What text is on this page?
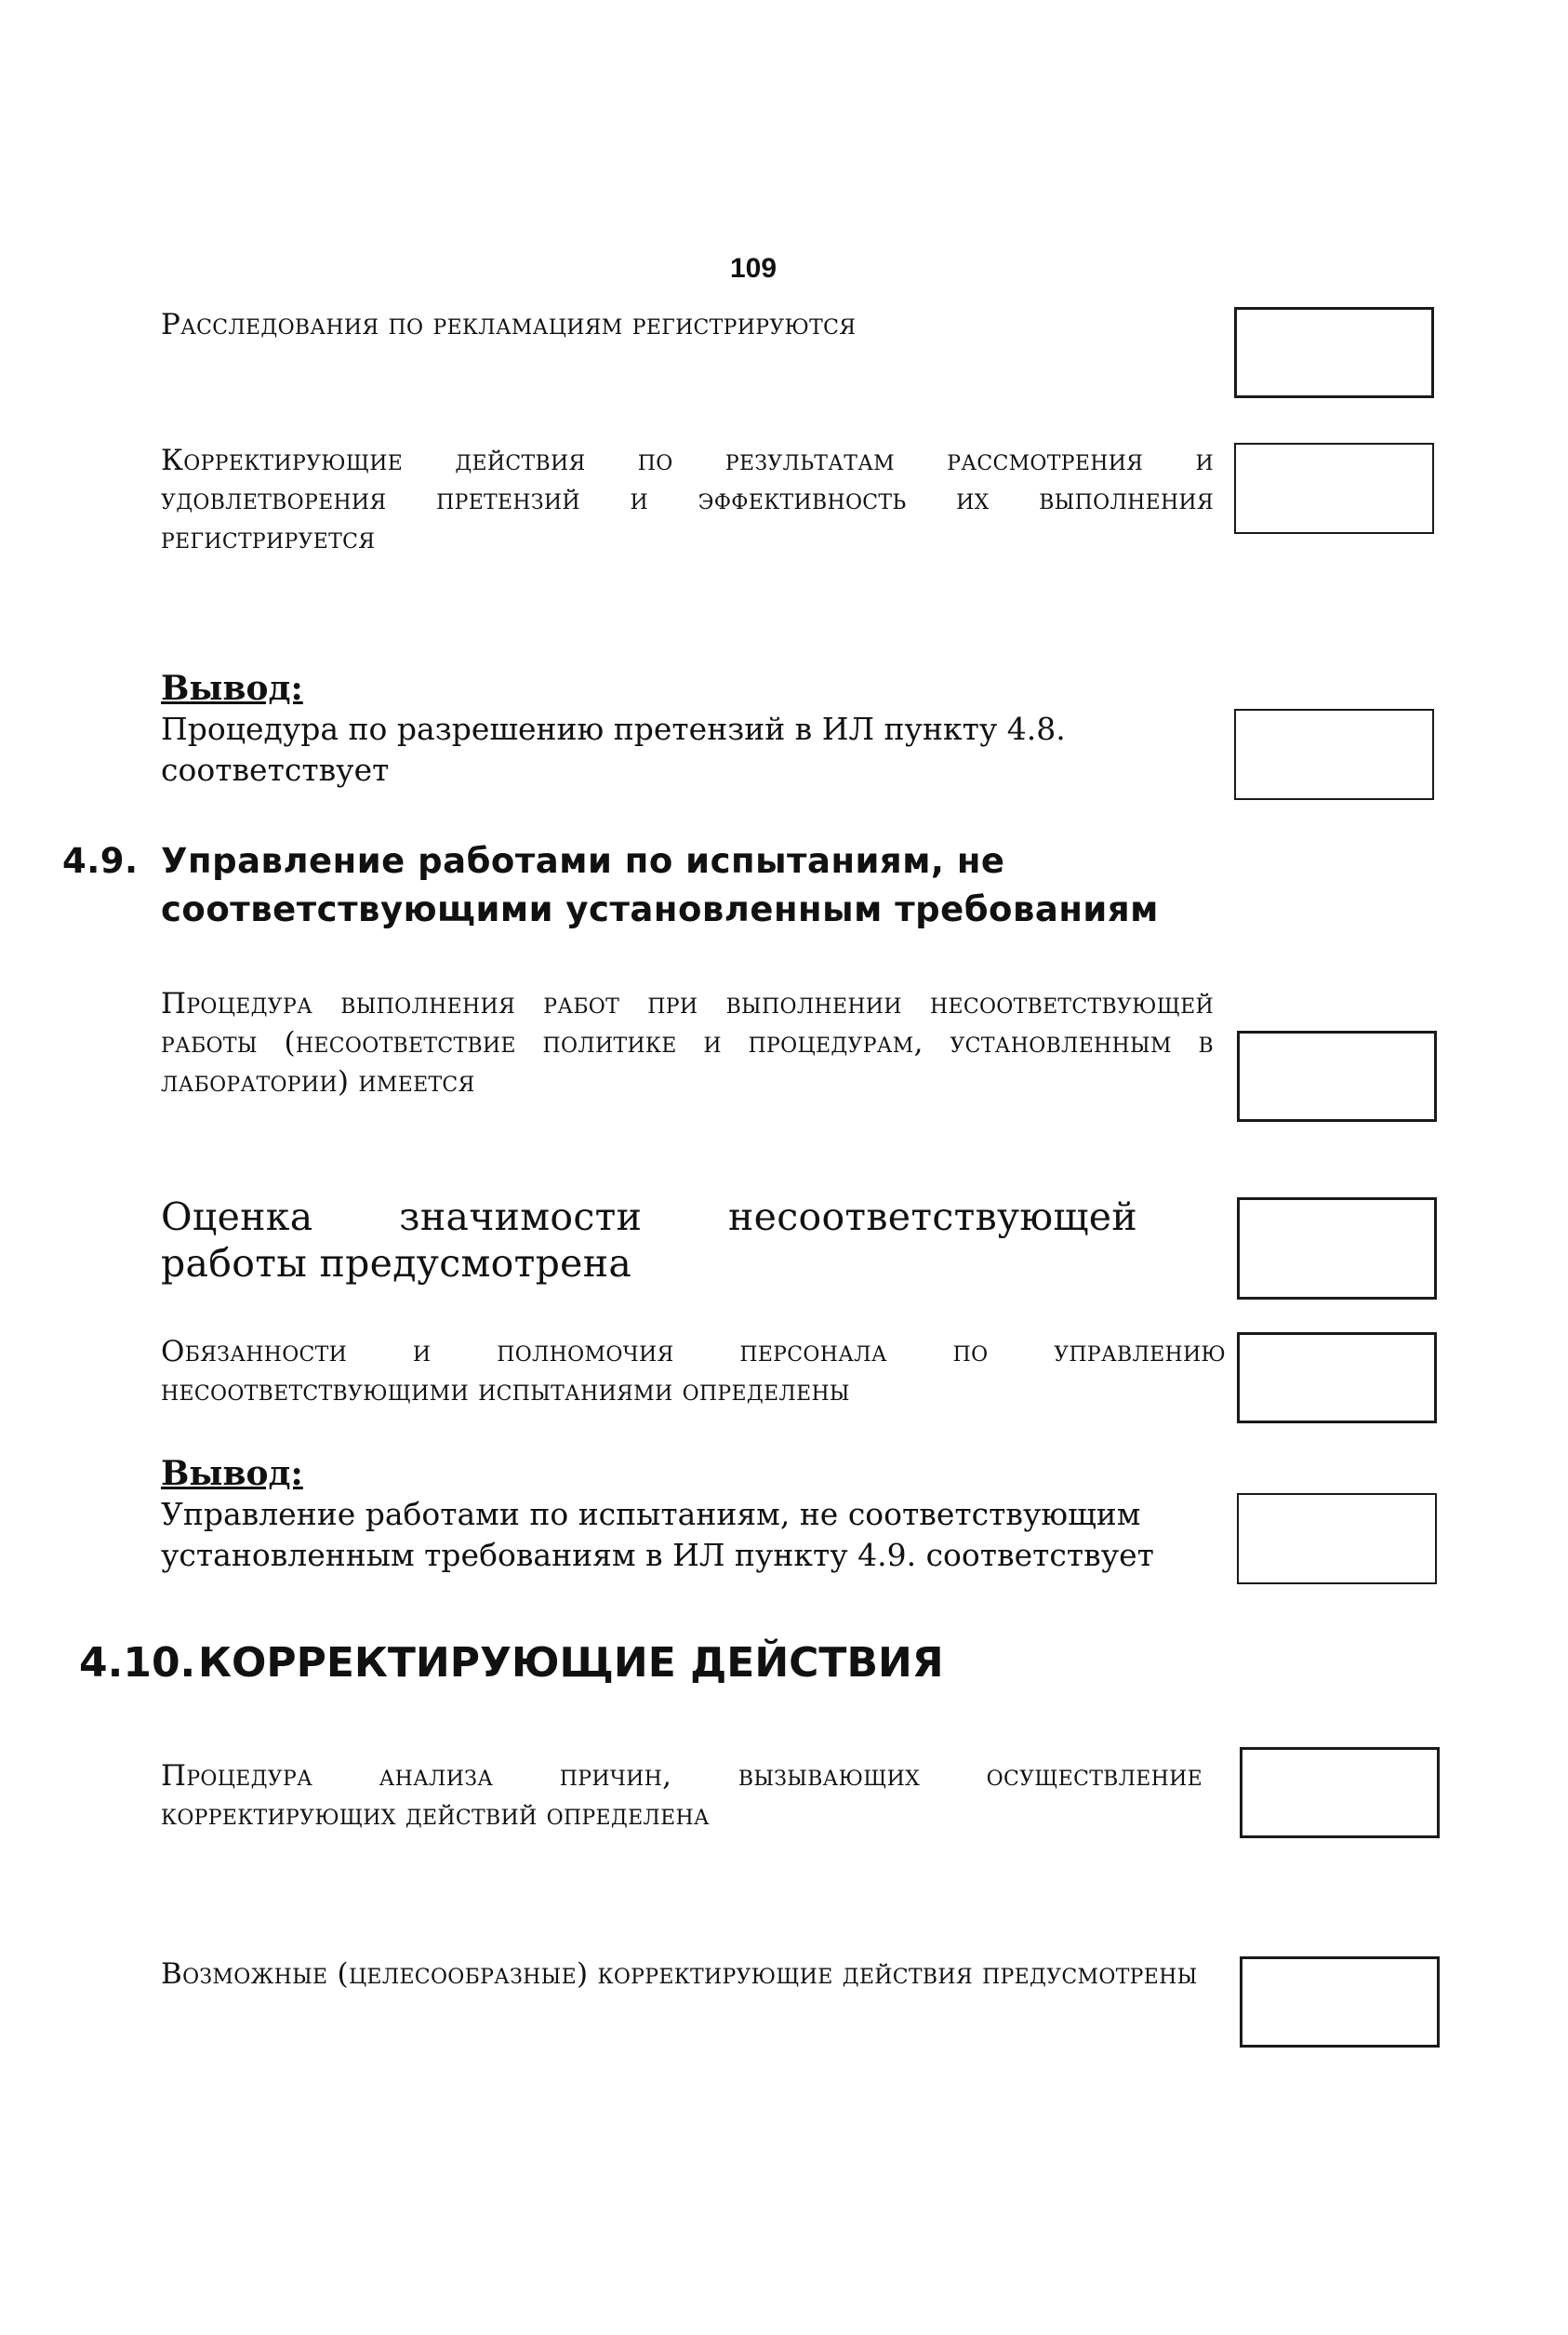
109
Расследования по рекламациям регистрируются
Корректирующие действия по результатам рассмотрения и удовлетворения претензий и эффективность их выполнения регистрируется
Вывод:
Процедура по разрешению претензий в ИЛ пункту 4.8. соответствует
4.9. Управление работами по испытаниям, не
соответствующими установленным требованиям
Процедура выполнения работ при выполнении несоответствующей работы (несоответствие политике и процедурам, установленным в лаборатории) имеется
Оценка значимости несоответствующей работы предусмотрена
Обязанности и полномочия персонала по управлению несоответствующими испытаниями определены
Вывод:
Управление работами по испытаниям, не соответствующим
установленным требованиям в ИЛ пункту 4.9. соответствует
4.10. КОРРЕКТИРУЮЩИЕ ДЕЙСТВИЯ
Процедура анализа причин, вызывающих осуществление корректирующих действий определена
Возможные (целесообразные) корректирующие действия предусмотрены
